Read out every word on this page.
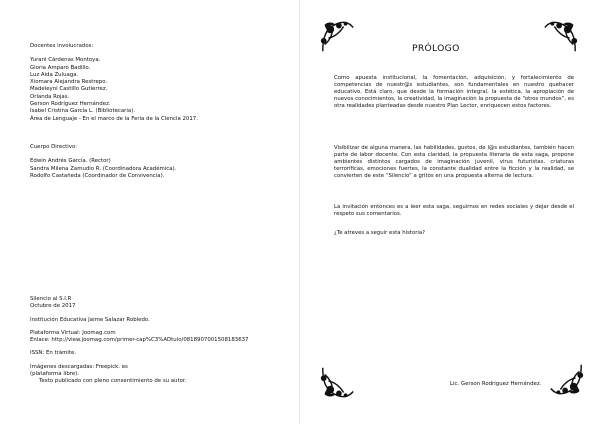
Docentes involucrados:
Yurani Cárdenas Montoya.
Gloria Amparo Badillo.
Luz Aida Zuluaga.
Xiomara Alejandra Restrepo.
Madeleyni Castillo Gutierrez.
Orlanda Rojas.
Gerson Rodríguez Hernández.
Isabel Cristina García L. (Bibliotecaria).
Área de Lenguaje - En el marco de la Feria de la Ciencia 2017.
Cuerpo Directivo:
Edwin Andrés García. (Rector)
Sandra Milena Zamudio R. (Coordinadora Académica).
Rodolfo Castañeda (Coordinador de Convivencia).
Silencio al S.I.R
Octubre de 2017
Institución Educativa Jaime Salazar Robledo.
Plataforma Virtual: Joomag.com
Enlace: http://view.joomag.com/primer-cap%C3%ADtulo/0818907001508183637
ISSN: En trámite.
Imágenes descargadas: Freepick. es
(plataforma libre).
Texto publicado con pleno consentimiento de su autor.
PRÓLOGO
Como apuesta institucional, la fomentación, adquisición, y fortalecimiento de competencias de nuestr@s estudiantes, son fundamentales en nuestro quehacer educativo. Está claro, que desde la formación integral, la estética, la apropiación de nuevos conocimientos, la creatividad, la imaginación la propuesta de “otros mundos”, es otra realidades planteadas desde nuestro Plan Lector, enriquecen estos factores.
Visibilizar de alguna manera, las habilidades, gustos, de l@s estudiantes, también hacen parte de labor docente. Con esta claridad, la propuesta literaria de esta saga, propone ambientes distintos cargados de imaginación juvenil, virus futuristas, criaturas terroríficas, emociones fuertes, la constante dualidad entre la ficción y la realidad, se convierten de este “Silencio” a gritos en una propuesta alterna de lectura.
La invitación entonces es a leer esta saga, seguirnos en redes sociales y dejar desde el respeto sus comentarios.
¿Te atreves a seguir esta historia?
Lic. Gerson Rodriguez Hernández.
